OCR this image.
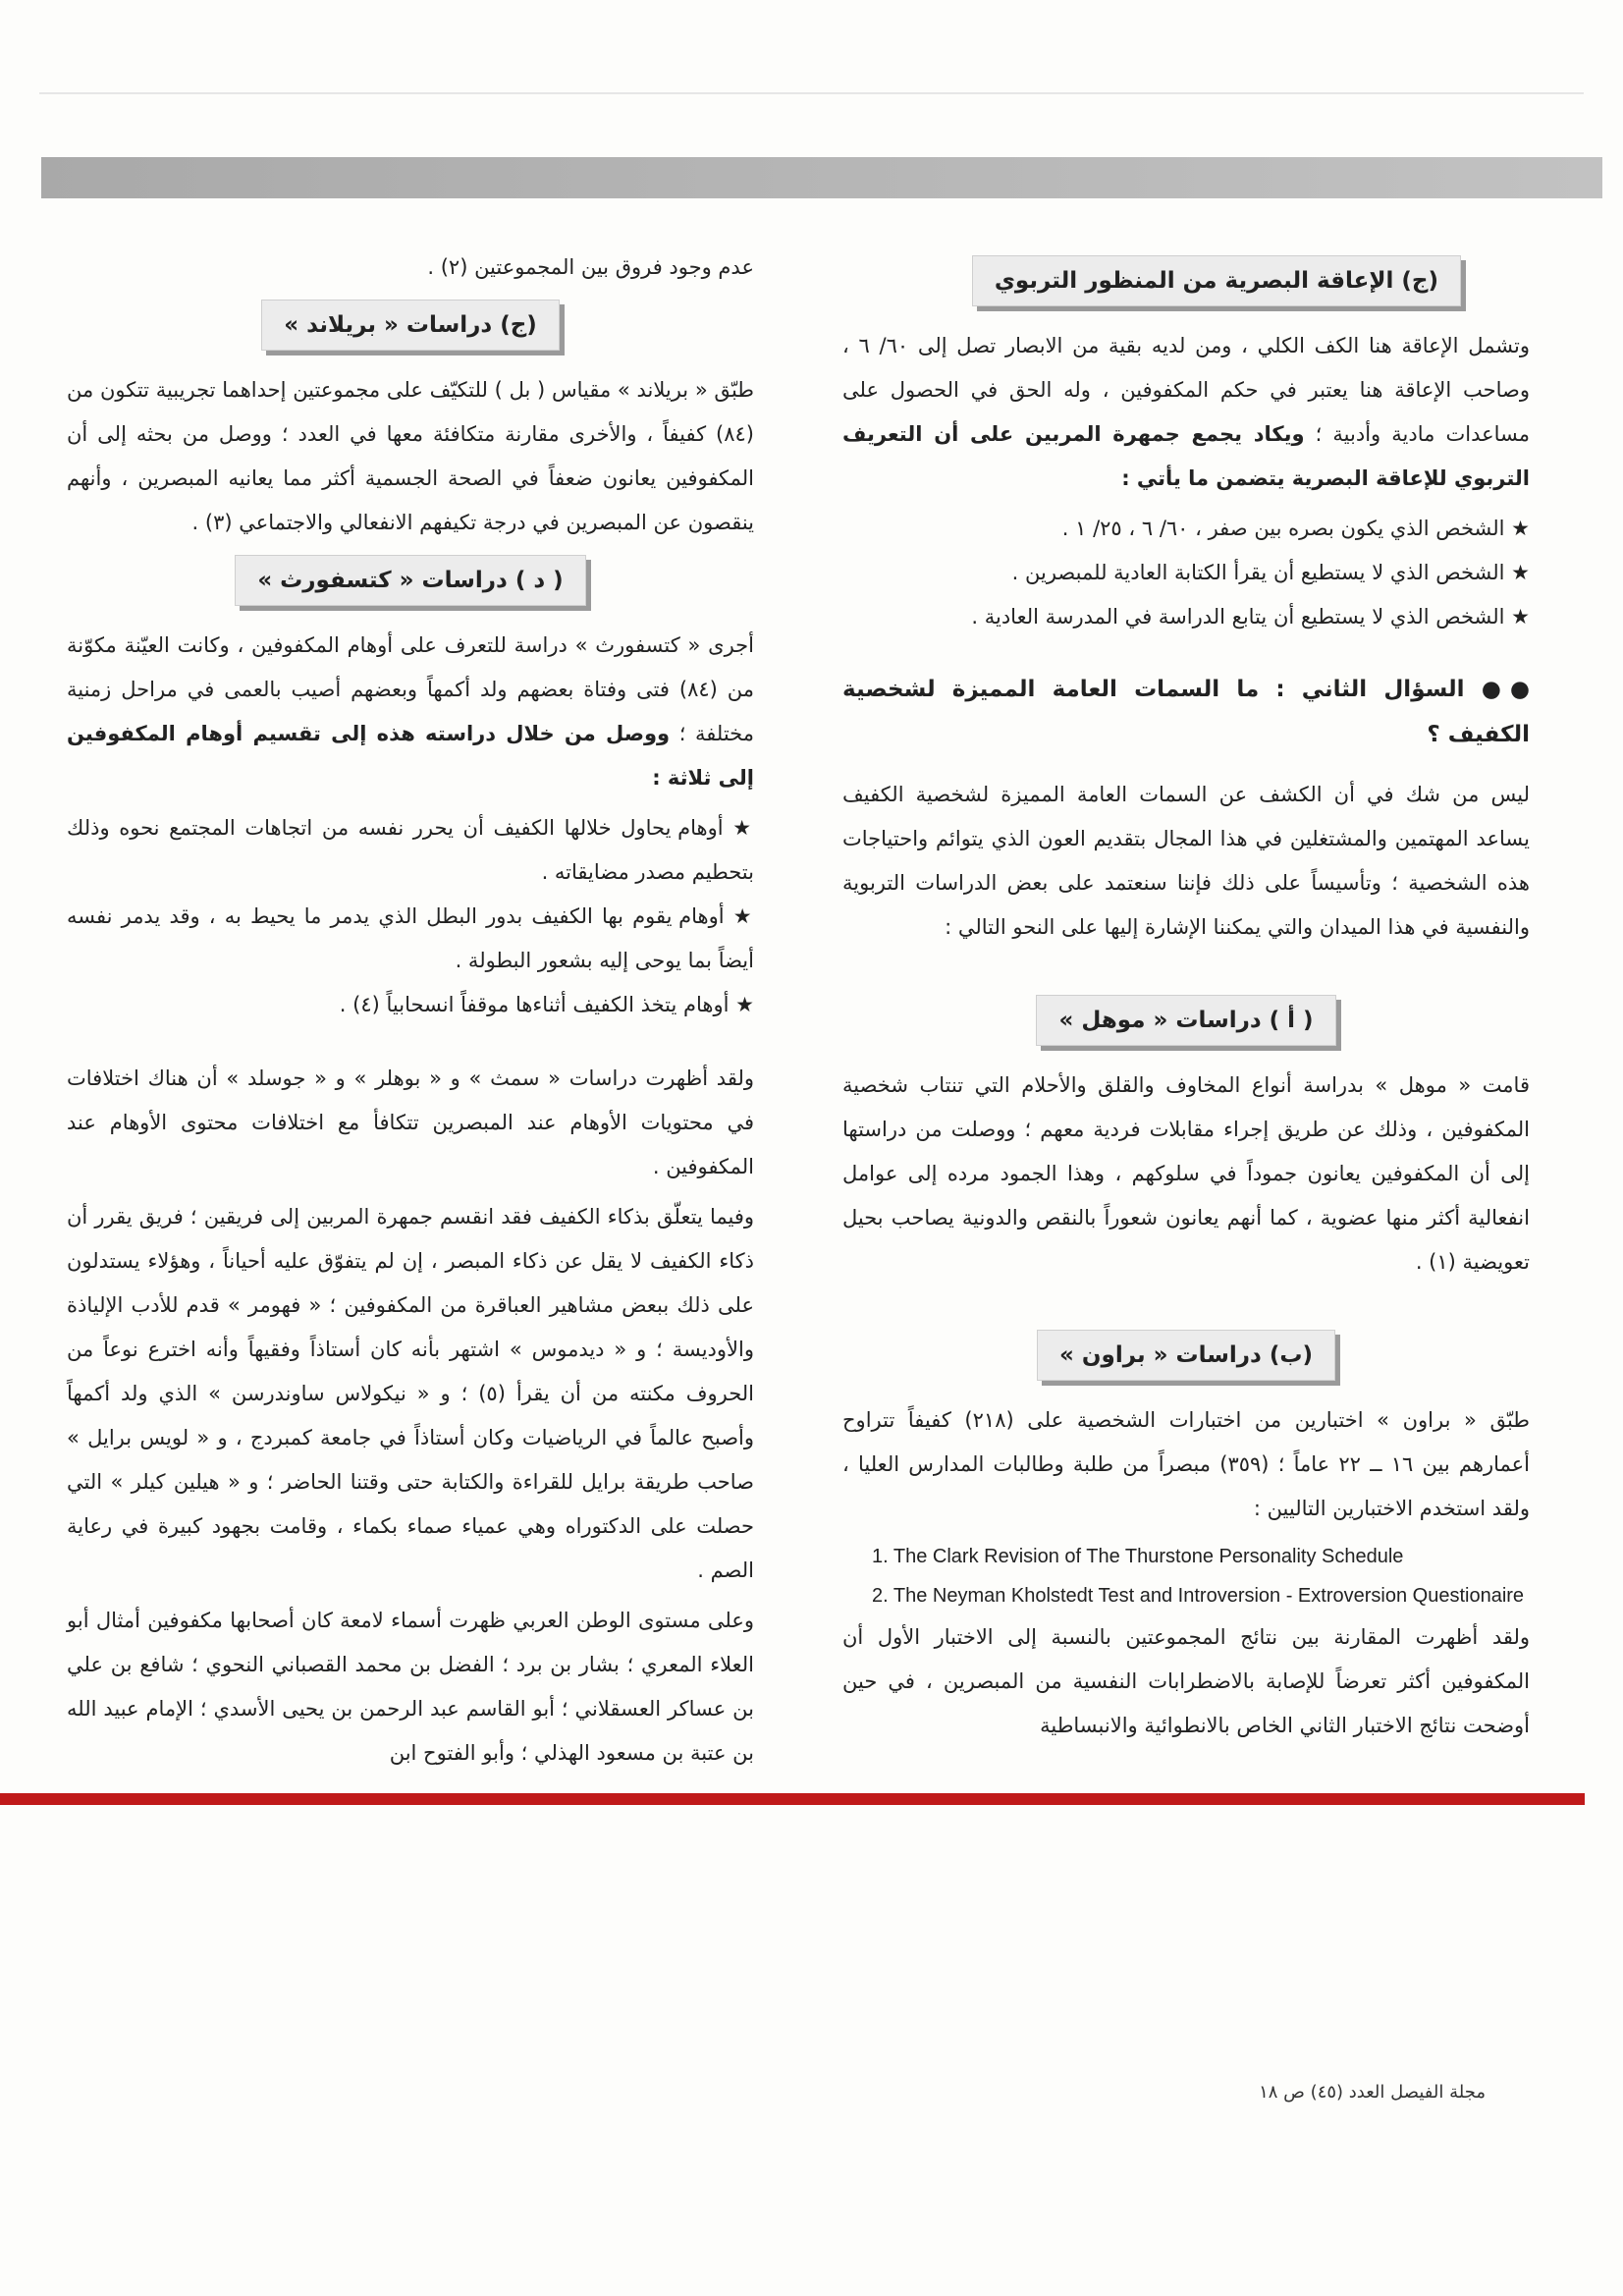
(ج) الإعاقة البصرية من المنظور التربوي

وتشمل الإعاقة هنا الكف الكلي ، ومن لديه بقية من الابصار تصل إلى ٦٠/ ٦ ، وصاحب الإعاقة هنا يعتبر في حكم المكفوفين ، وله الحق في الحصول على مساعدات مادية وأدبية ؛ ويكاد يجمع جمهرة المربين على أن التعريف التربوي للإعاقة البصرية يتضمن ما يأتي :

★ الشخص الذي يكون بصره بين صفر ، ٦٠/ ٦ ، ٢٥/ ١ .
★ الشخص الذي لا يستطيع أن يقرأ الكتابة العادية للمبصرين .
★ الشخص الذي لا يستطيع أن يتابع الدراسة في المدرسة العادية .
●● السؤال الثاني : ما السمات العامة المميزة لشخصية الكفيف ؟

ليس من شك في أن الكشف عن السمات العامة المميزة لشخصية الكفيف يساعد المهتمين والمشتغلين في هذا المجال بتقديم العون الذي يتوائم واحتياجات هذه الشخصية ؛ وتأسيساً على ذلك فإننا سنعتمد على بعض الدراسات التربوية والنفسية في هذا الميدان والتي يمكننا الإشارة إليها على النحو التالي :

( أ ) دراسات « موهل »

قامت « موهل » بدراسة أنواع المخاوف والقلق والأحلام التي تنتاب شخصية المكفوفين ، وذلك عن طريق إجراء مقابلات فردية معهم ؛ ووصلت من دراستها إلى أن المكفوفين يعانون جموداً في سلوكهم ، وهذا الجمود مرده إلى عوامل انفعالية أكثر منها عضوية ، كما أنهم يعانون شعوراً بالنقص والدونية يصاحب بحيل تعويضية (١) .

(ب) دراسات « براون »

طبّق « براون » اختبارين من اختبارات الشخصية على (٢١٨) كفيفاً تتراوح أعمارهم بين ١٦ ــ ٢٢ عاماً ؛ (٣٥٩) مبصراً من طلبة وطالبات المدارس العليا ، ولقد استخدم الاختبارين التاليين :

1. The Clark Revision of The Thurstone Personality Schedule
2. The Neyman Kholstedt Test and Introversion - Extroversion Questionaire

ولقد أظهرت المقارنة بين نتائج المجموعتين بالنسبة إلى الاختبار الأول أن المكفوفين أكثر تعرضاً للإصابة بالاضطرابات النفسية من المبصرين ، في حين أوضحت نتائج الاختبار الثاني الخاص بالانطوائية والانبساطية

عدم وجود فروق بين المجموعتين (٢) .

(ج) دراسات « بريلاند »

طبّق « بريلاند » مقياس ( بل ) للتكيّف على مجموعتين إحداهما تجريبية تتكون من (٨٤) كفيفاً ، والأخرى مقارنة متكافئة معها في العدد ؛ ووصل من بحثه إلى أن المكفوفين يعانون ضعفاً في الصحة الجسمية أكثر مما يعانيه المبصرين ، وأنهم ينقصون عن المبصرين في درجة تكيفهم الانفعالي والاجتماعي (٣) .

( د ) دراسات « كتسفورث »

أجرى « كتسفورث » دراسة للتعرف على أوهام المكفوفين ، وكانت العيّنة مكوّنة من (٨٤) فتى وفتاة بعضهم ولد أكمهاً وبعضهم أصيب بالعمى في مراحل زمنية مختلفة ؛ ووصل من خلال دراسته هذه إلى تقسيم أوهام المكفوفين إلى ثلاثة :

★ أوهام يحاول خلالها الكفيف أن يحرر نفسه من اتجاهات المجتمع نحوه وذلك بتحطيم مصدر مضايقاته .
★ أوهام يقوم بها الكفيف بدور البطل الذي يدمر ما يحيط به ، وقد يدمر نفسه أيضاً بما يوحى إليه بشعور البطولة .
★ أوهام يتخذ الكفيف أثناءها موقفاً انسحابياً (٤) .

ولقد أظهرت دراسات « سمث » و « بوهلر » و « جوسلد » أن هناك اختلافات في محتويات الأوهام عند المبصرين تتكافأ مع اختلافات محتوى الأوهام عند المكفوفين .

وفيما يتعلّق بذكاء الكفيف فقد انقسم جمهرة المربين إلى فريقين ؛ فريق يقرر أن ذكاء الكفيف لا يقل عن ذكاء المبصر ، إن لم يتفوّق عليه أحياناً ، وهؤلاء يستدلون على ذلك ببعض مشاهير العباقرة من المكفوفين ؛ « فهومر » قدم للأدب الإلياذة والأوديسة ؛ و « ديدموس » اشتهر بأنه كان أستاذاً وفقيهاً وأنه اخترع نوعاً من الحروف مكنته من أن يقرأ (٥) ؛ و « نيكولاس ساوندرسن » الذي ولد أكمهاً وأصبح عالماً في الرياضيات وكان أستاذاً في جامعة كمبردج ، و « لويس برايل » صاحب طريقة برايل للقراءة والكتابة حتى وقتنا الحاضر ؛ و « هيلين كيلر » التي حصلت على الدكتوراه وهي عمياء صماء بكماء ، وقامت بجهود كبيرة في رعاية الصم .

وعلى مستوى الوطن العربي ظهرت أسماء لامعة كان أصحابها مكفوفين أمثال أبو العلاء المعري ؛ بشار بن برد ؛ الفضل بن محمد القصباني النحوي ؛ شافع بن علي بن عساكر العسقلاني ؛ أبو القاسم عبد الرحمن بن يحيى الأسدي ؛ الإمام عبيد الله بن عتبة بن مسعود الهذلي ؛ وأبو الفتوح ابن

مجلة الفيصل العدد (٤٥) ص ١٨
